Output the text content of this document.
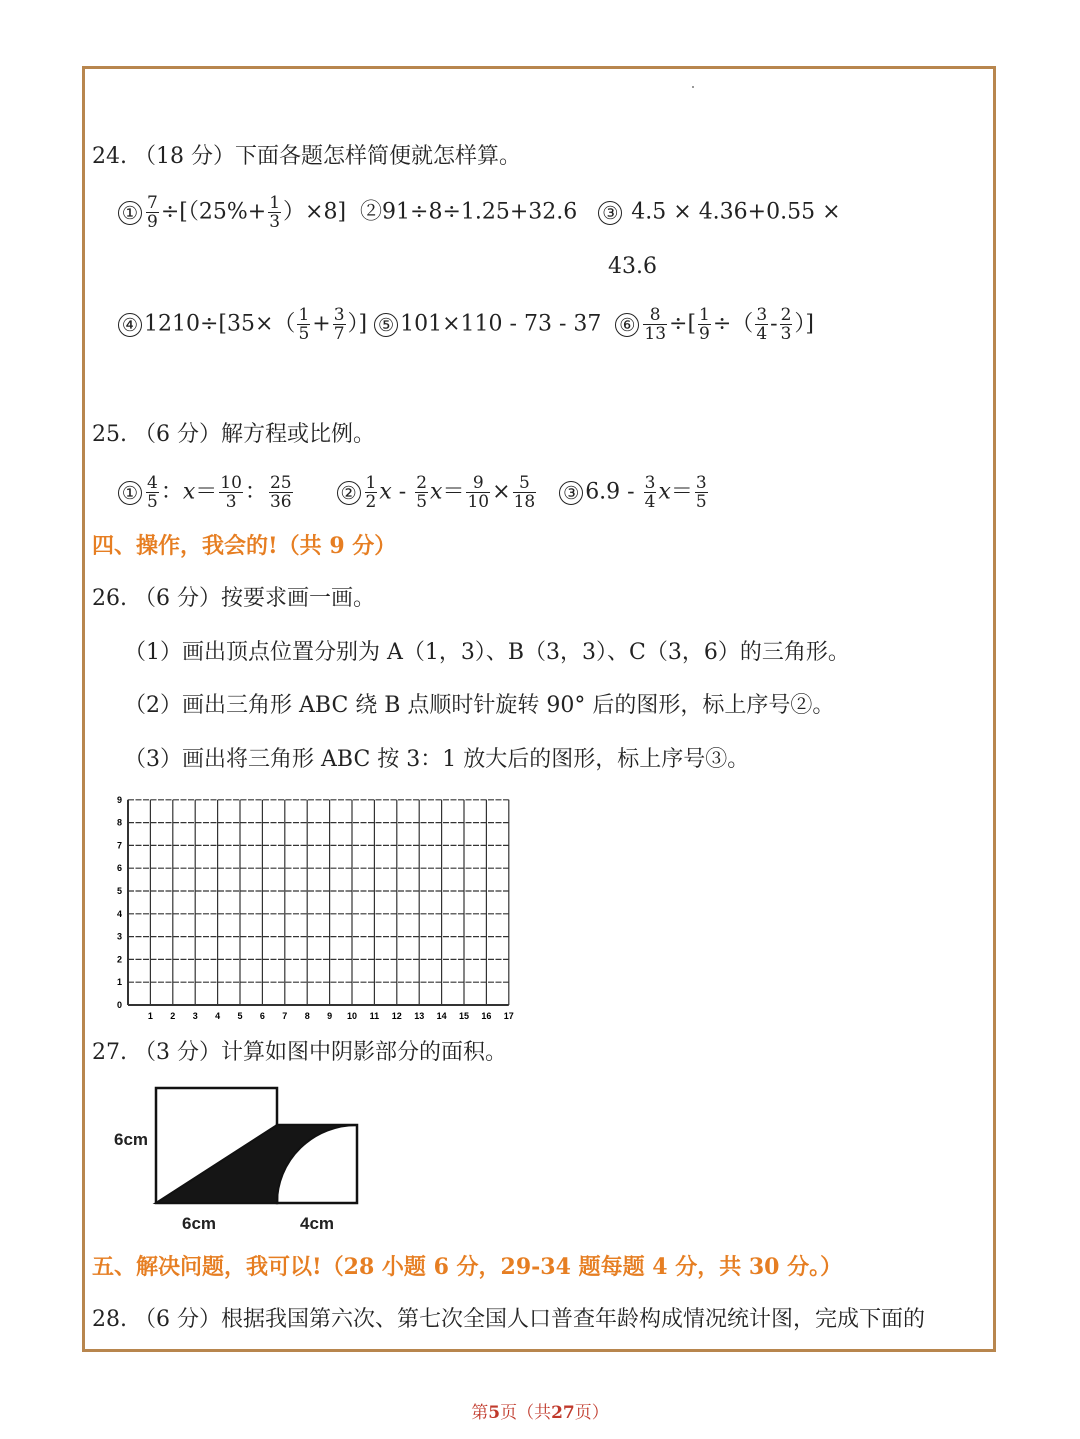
24. （18 分）下面各题怎样简便就怎样算。
① $\frac{7}{9} \div[(25\%+ \frac{1}{3} )\times 8]$ ②91÷8÷1.25+32.6 ③ 4.5 × 4.36+0.55 ×
43.6
④ $1210\div[35\times( \frac{1}{5} + \frac{3}{7}$ ）] ⑤ 101×110 - 73 - 37 ⑥ $\frac{8}{13}$ ÷[ $\frac{1}{9}$ ÷（ $\frac{3}{4} - \frac{2}{3}$ ）]
25. （6 分）解方程或比例。
① $\frac{4}{5}$ ：$x= \frac{10}{3}$ ： $\frac{25}{36}$	② $\frac{1}{2}$ $x - \frac{2}{5} x= \frac{9}{10} \times \frac{5}{18}$ ③ $6.9 - \frac{3}{4} x= \frac{3}{5}$
四、操作，我会的!（共 9 分）
26. （6 分）按要求画一画。
（1）画出顶点位置分别为 A（1，3）、B（3，3）、C（3，6）的三角形。
（2）画出三角形 ABC 绕 B 点顺时针旋转 90° 后的图形，标上序号②。
（3）画出将三角形 ABC 按 3：1 放大后的图形，标上序号③。
1 2 3 4 5 6 7 8 9 10 11 12 13 14 15 16 17
0
1
2
3
4
5
6
7
8
9
27. （3 分）计算如图中阴影部分的面积。
6cm
6cm	4cm
五、解决问题，我可以!（28 小题 6 分，29-34 题每题 4 分，共 30 分。）
28. （6 分）根据我国第六次、第七次全国人口普查年龄构成情况统计图，完成下面的
第5页（共27页）
